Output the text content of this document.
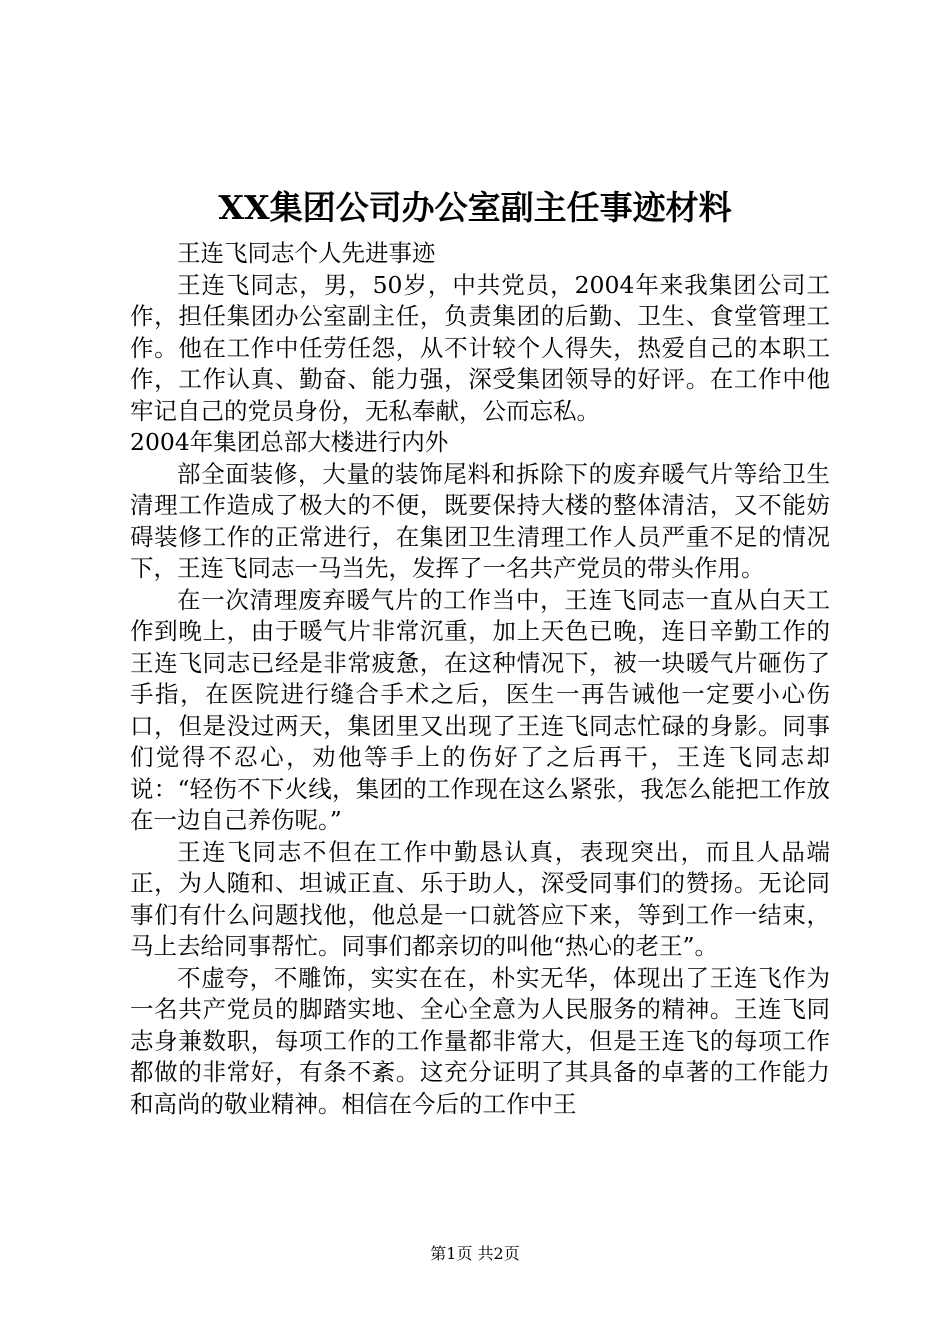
XX集团公司办公室副主任事迹材料

王连飞同志个人先进事迹

王连飞同志，男，50岁，中共党员，2004年来我集团公司工作，担任集团办公室副主任，负责集团的后勤、卫生、食堂管理工作。他在工作中任劳任怨，从不计较个人得失，热爱自己的本职工作，工作认真、勤奋、能力强，深受集团领导的好评。在工作中他牢记自己的党员身份，无私奉献，公而忘私。

2004年集团总部大楼进行内外

部全面装修，大量的装饰尾料和拆除下的废弃暖气片等给卫生清理工作造成了极大的不便，既要保持大楼的整体清洁，又不能妨碍装修工作的正常进行，在集团卫生清理工作人员严重不足的情况下，王连飞同志一马当先，发挥了一名共产党员的带头作用。

在一次清理废弃暖气片的工作当中，王连飞同志一直从白天工作到晚上，由于暖气片非常沉重，加上天色已晚，连日辛勤工作的王连飞同志已经是非常疲惫，在这种情况下，被一块暖气片砸伤了手指，在医院进行缝合手术之后，医生一再告诫他一定要小心伤口，但是没过两天，集团里又出现了王连飞同志忙碌的身影。同事们觉得不忍心，劝他等手上的伤好了之后再干，王连飞同志却说：“轻伤不下火线，集团的工作现在这么紧张，我怎么能把工作放在一边自己养伤呢。”

王连飞同志不但在工作中勤恳认真，表现突出，而且人品端正，为人随和、坦诚正直、乐于助人，深受同事们的赞扬。无论同事们有什么问题找他，他总是一口就答应下来，等到工作一结束，马上去给同事帮忙。同事们都亲切的叫他“热心的老王”。

不虚夸，不雕饰，实实在在，朴实无华，体现出了王连飞作为一名共产党员的脚踏实地、全心全意为人民服务的精神。王连飞同志身兼数职，每项工作的工作量都非常大，但是王连飞的每项工作都做的非常好，有条不紊。这充分证明了其具备的卓著的工作能力和高尚的敬业精神。相信在今后的工作中王

第1页 共2页
